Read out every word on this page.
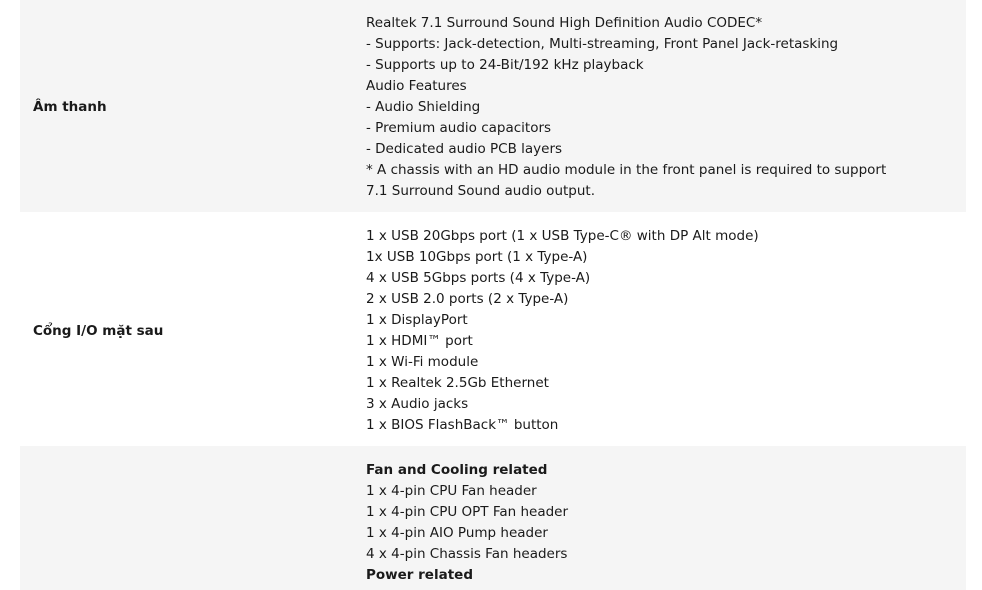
Âm thanh
Realtek 7.1 Surround Sound High Definition Audio CODEC*
- Supports: Jack-detection, Multi-streaming, Front Panel Jack-retasking
- Supports up to 24-Bit/192 kHz playback
Audio Features
- Audio Shielding
- Premium audio capacitors
- Dedicated audio PCB layers
* A chassis with an HD audio module in the front panel is required to support
7.1 Surround Sound audio output.
Cổng I/O mặt sau
1 x USB 20Gbps port (1 x USB Type-C® with DP Alt mode)
1x USB 10Gbps port (1 x Type-A)
4 x USB 5Gbps ports (4 x Type-A)
2 x USB 2.0 ports (2 x Type-A)
1 x DisplayPort
1 x HDMI™ port
1 x Wi-Fi module
1 x Realtek 2.5Gb Ethernet
3 x Audio jacks
1 x BIOS FlashBack™ button
Fan and Cooling related
1 x 4-pin CPU Fan header
1 x 4-pin CPU OPT Fan header
1 x 4-pin AIO Pump header
4 x 4-pin Chassis Fan headers
Power related
